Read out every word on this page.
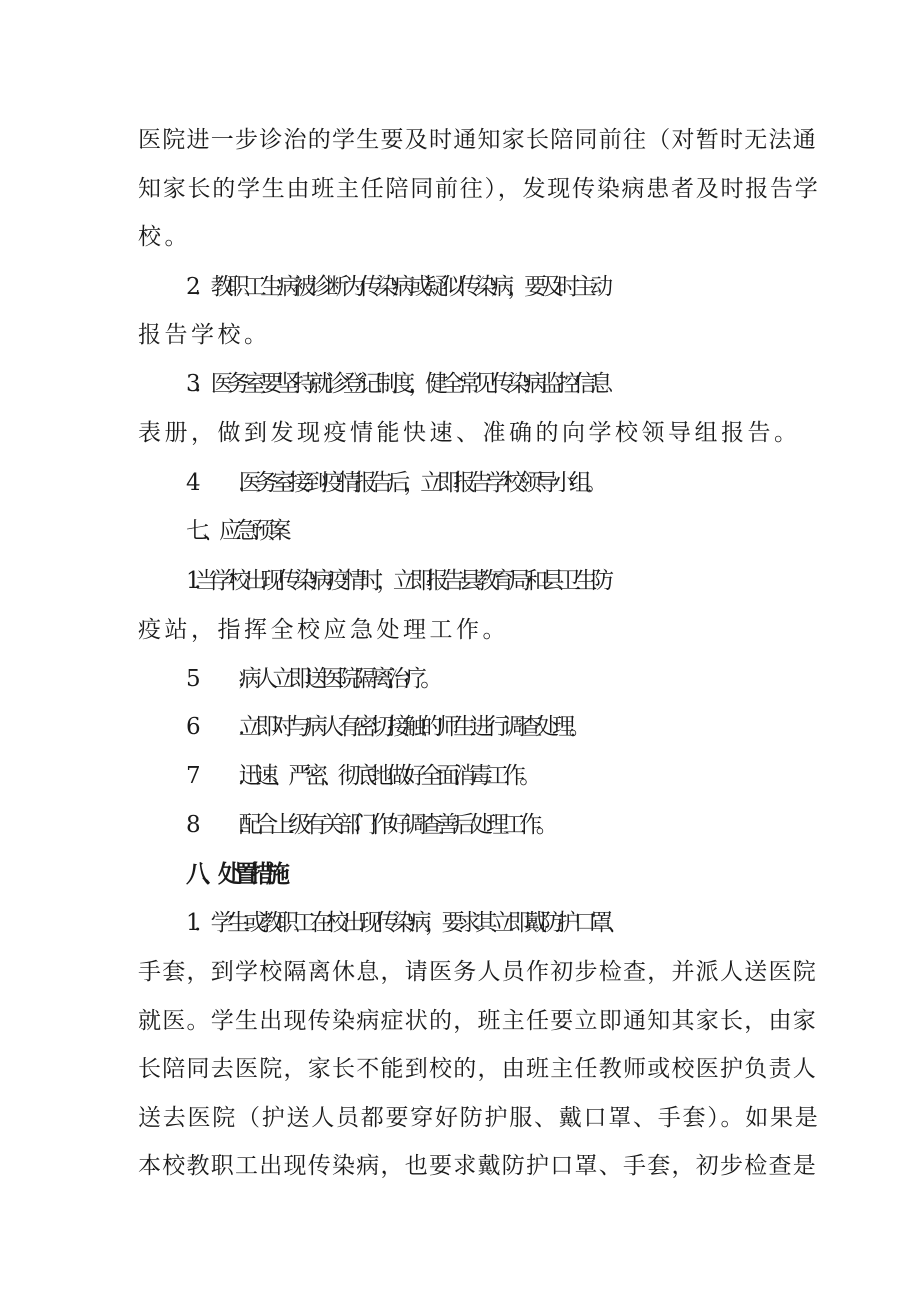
医院进一步诊治的学生要及时通知家长陪同前往（对暂时无法通
知家长的学生由班主任陪同前往），发现传染病患者及时报告学
校。
2．教职工生病被诊断为传染病或疑似传染病，要及时主动
报告学校。
3．医务室要坚持就诊登记制度，健全常见传染病监控信息
表册，做到发现疫情能快速、准确的向学校领导组报告。
4 .医务室接到疫情报告后，立即报告学校领导小组。
七、应急预案
1.当学校出现传染病疫情时，立即报告县教育局和县卫生防
疫站，指挥全校应急处理工作。
5 .病人立即送医院隔离治疗。
6 .立即对与病人有密切接触的师生进行调查处理。
7 .迅速、严密、彻底地做好全面消毒工作。
8 .配合上级有关部门作好调查善后处理工作。
八、处置措施
1．学生或教职工在校出现传染病，要求其立即戴防护口罩、
手套，到学校隔离休息，请医务人员作初步检查，并派人送医院
就医。学生出现传染病症状的，班主任要立即通知其家长，由家
长陪同去医院，家长不能到校的，由班主任教师或校医护负责人
送去医院（护送人员都要穿好防护服、戴口罩、手套）。如果是
本校教职工出现传染病，也要求戴防护口罩、手套，初步检查是
